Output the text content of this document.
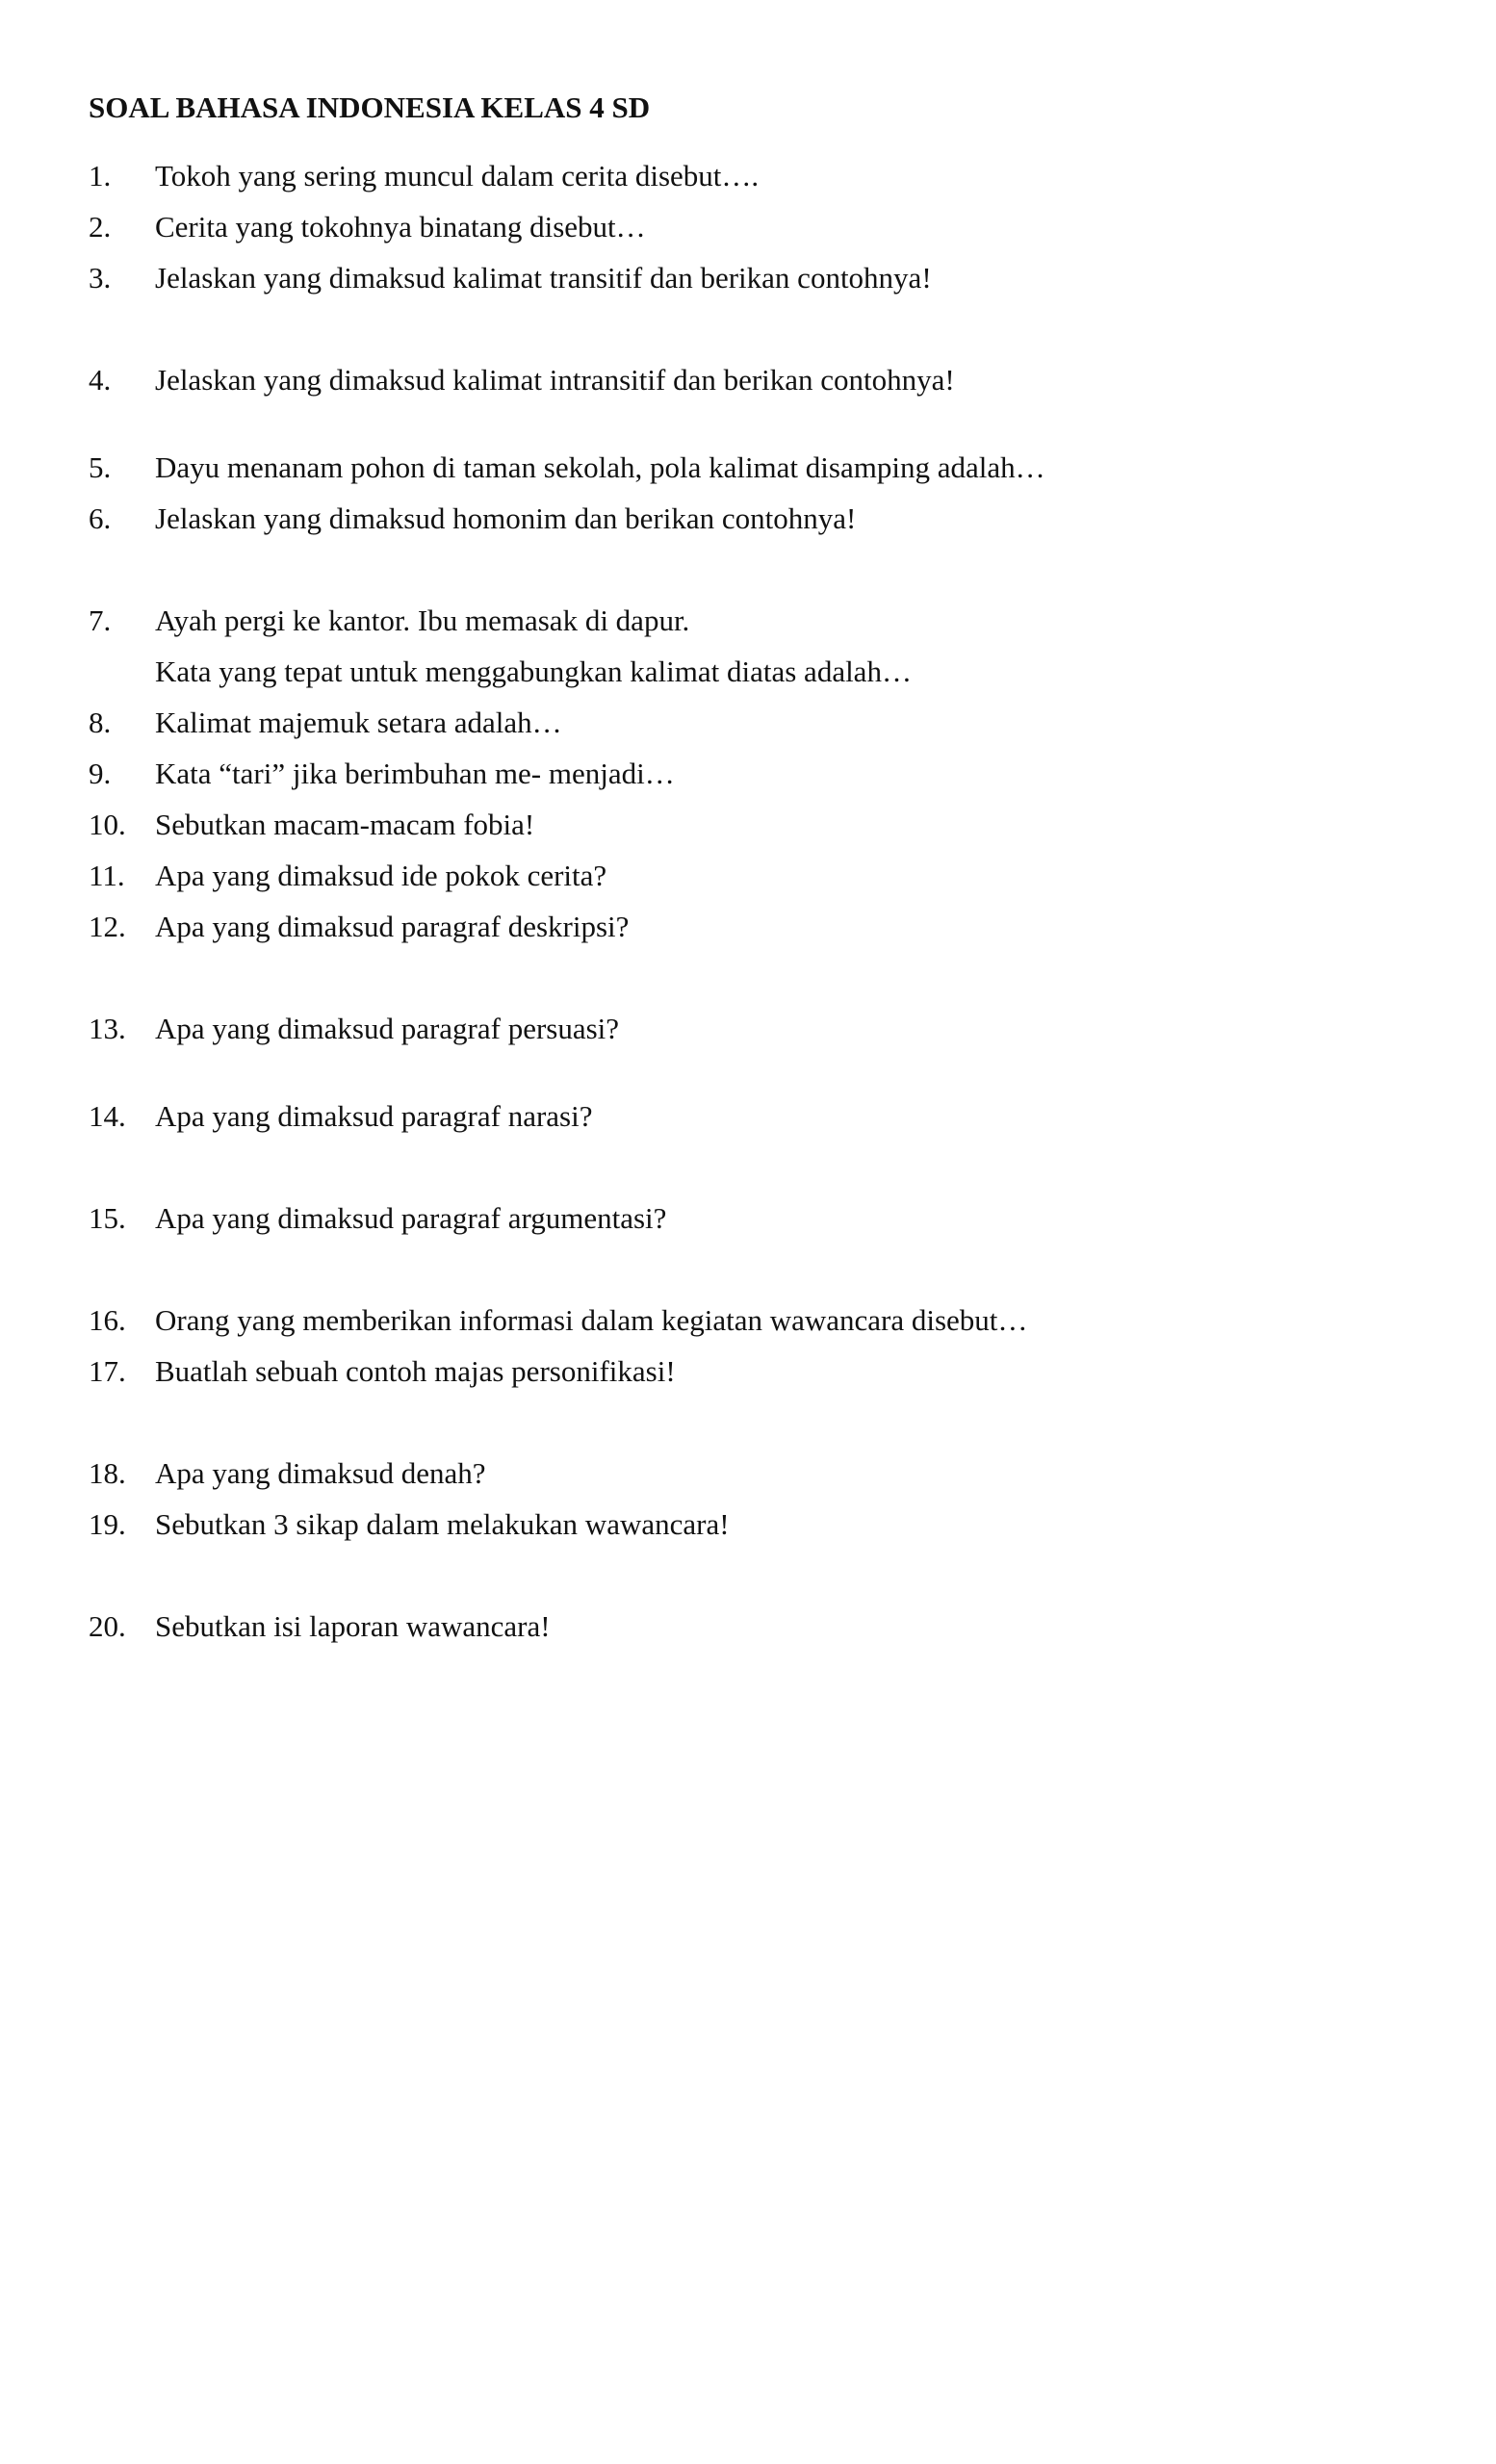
SOAL BAHASA INDONESIA KELAS 4 SD
1. Tokoh yang sering muncul dalam cerita disebut….
2. Cerita yang tokohnya binatang disebut…
3. Jelaskan yang dimaksud kalimat transitif dan berikan contohnya!
4. Jelaskan yang dimaksud kalimat intransitif dan berikan contohnya!
5. Dayu menanam pohon di taman sekolah, pola kalimat disamping adalah…
6. Jelaskan yang dimaksud homonim dan berikan contohnya!
7. Ayah pergi ke kantor. Ibu memasak di dapur.
Kata yang tepat untuk menggabungkan kalimat diatas adalah…
8. Kalimat majemuk setara adalah…
9. Kata “tari” jika berimbuhan me- menjadi…
10. Sebutkan macam-macam fobia!
11. Apa yang dimaksud ide pokok cerita?
12. Apa yang dimaksud paragraf deskripsi?
13. Apa yang dimaksud paragraf persuasi?
14. Apa yang dimaksud paragraf narasi?
15. Apa yang dimaksud paragraf argumentasi?
16. Orang yang memberikan informasi dalam kegiatan wawancara disebut…
17. Buatlah sebuah contoh majas personifikasi!
18. Apa yang dimaksud denah?
19. Sebutkan 3 sikap dalam melakukan wawancara!
20. Sebutkan isi laporan wawancara!
